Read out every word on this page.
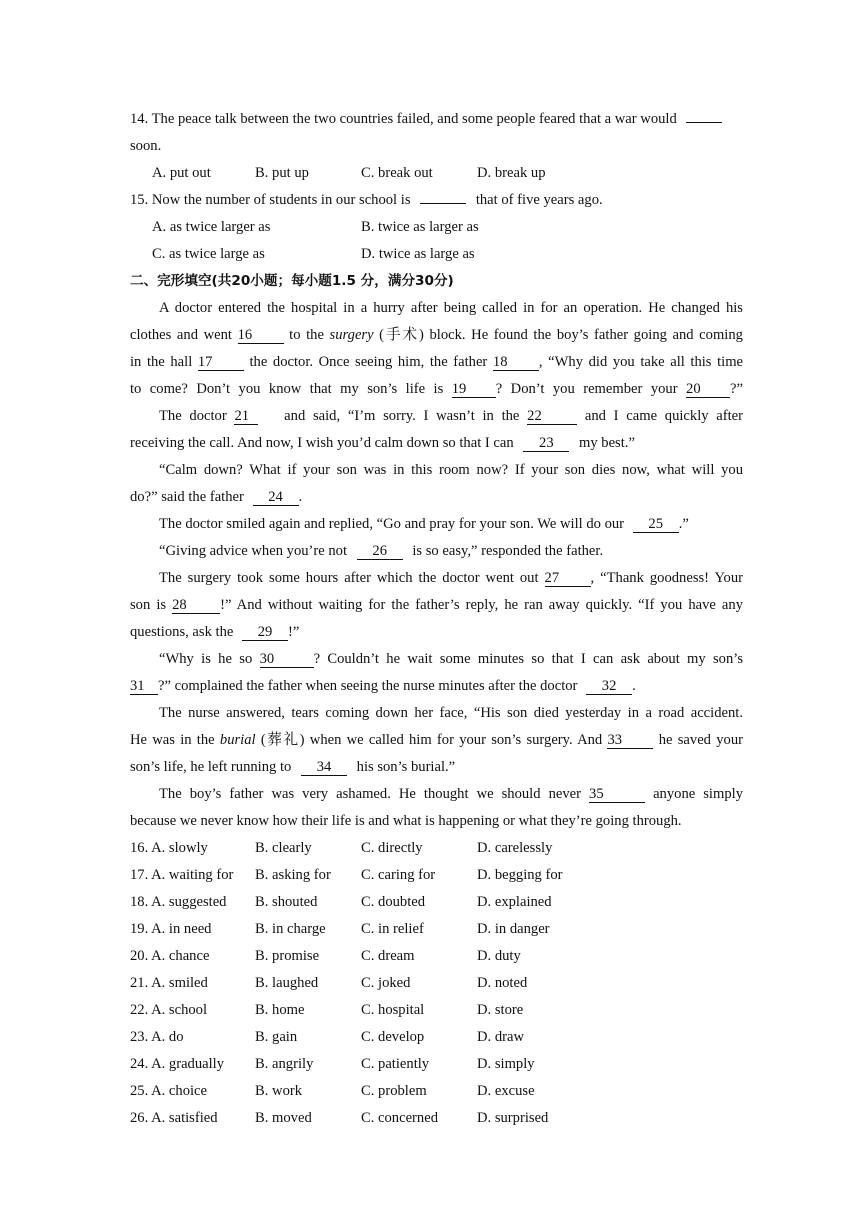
14. The peace talk between the two countries failed, and some people feared that a war would
soon.
A. put out	B. put up	C. break out	D. break up
15. Now the number of students in our school is	that of five years ago.
A. as twice larger as	B. twice as larger as
C. as twice large as	D. twice as large as
二、完形填空(共20小题；每小题1.5 分，满分30分)
A doctor entered the hospital in a hurry after being called in for an operation. He changed his
clothes and went 16	to the surgery (手术) block. He found the boy’s father going and coming
in the hall 17	the doctor. Once seeing him, the father 18 , “Why did you take all this time
to come? Don’t you know that my son’s life is 19 ? Don’t you remember your 20 ?”
The doctor 21 and said, “I’m sorry. I wasn’t in the 22	and I came quickly after
receiving the call. And now, I wish you’d calm down so that I can 23 my best.”
“Calm down? What if your son was in this room now? If your son dies now, what will you
do?” said the father 24 .
The doctor smiled again and replied, “Go and pray for your son. We will do our 25 .”
“Giving advice when you’re not 26 is so easy,” responded the father.
The surgery took some hours after which the doctor went out 27 , “Thank goodness! Your
son is 28 !” And without waiting for the father’s reply, he ran away quickly. “If you have any
questions, ask the 29 !”
“Why is he so 30	? Couldn’t he wait some minutes so that I can ask about my son’s
31 ?” complained the father when seeing the nurse minutes after the doctor 32 .
The nurse answered, tears coming down her face, “His son died yesterday in a road accident.
He was in the burial (葬礼) when we called him for your son’s surgery. And 33	he saved your
son’s life, he left running to 34 his son’s burial.”
The boy’s father was very ashamed. He thought we should never 35	anyone simply
because we never know how their life is and what is happening or what they’re going through.
16. A. slowly	B. clearly	C. directly	D. carelessly
17. A. waiting for B. asking for C. caring for	D. begging for
18. A. suggested B. shouted	C. doubted	D. explained
19. A. in need	B. in charge C. in relief	D. in danger
20. A. chance	B. promise	C. dream	D. duty
21. A. smiled	B. laughed	C. joked	D. noted
22. A. school	B. home	C. hospital	D. store
23. A. do	B. gain	C. develop	D. draw
24. A. gradually B. angrily	C. patiently	D. simply
25. A. choice	B. work	C. problem	D. excuse
26. A. satisfied	B. moved	C. concerned	D. surprised
